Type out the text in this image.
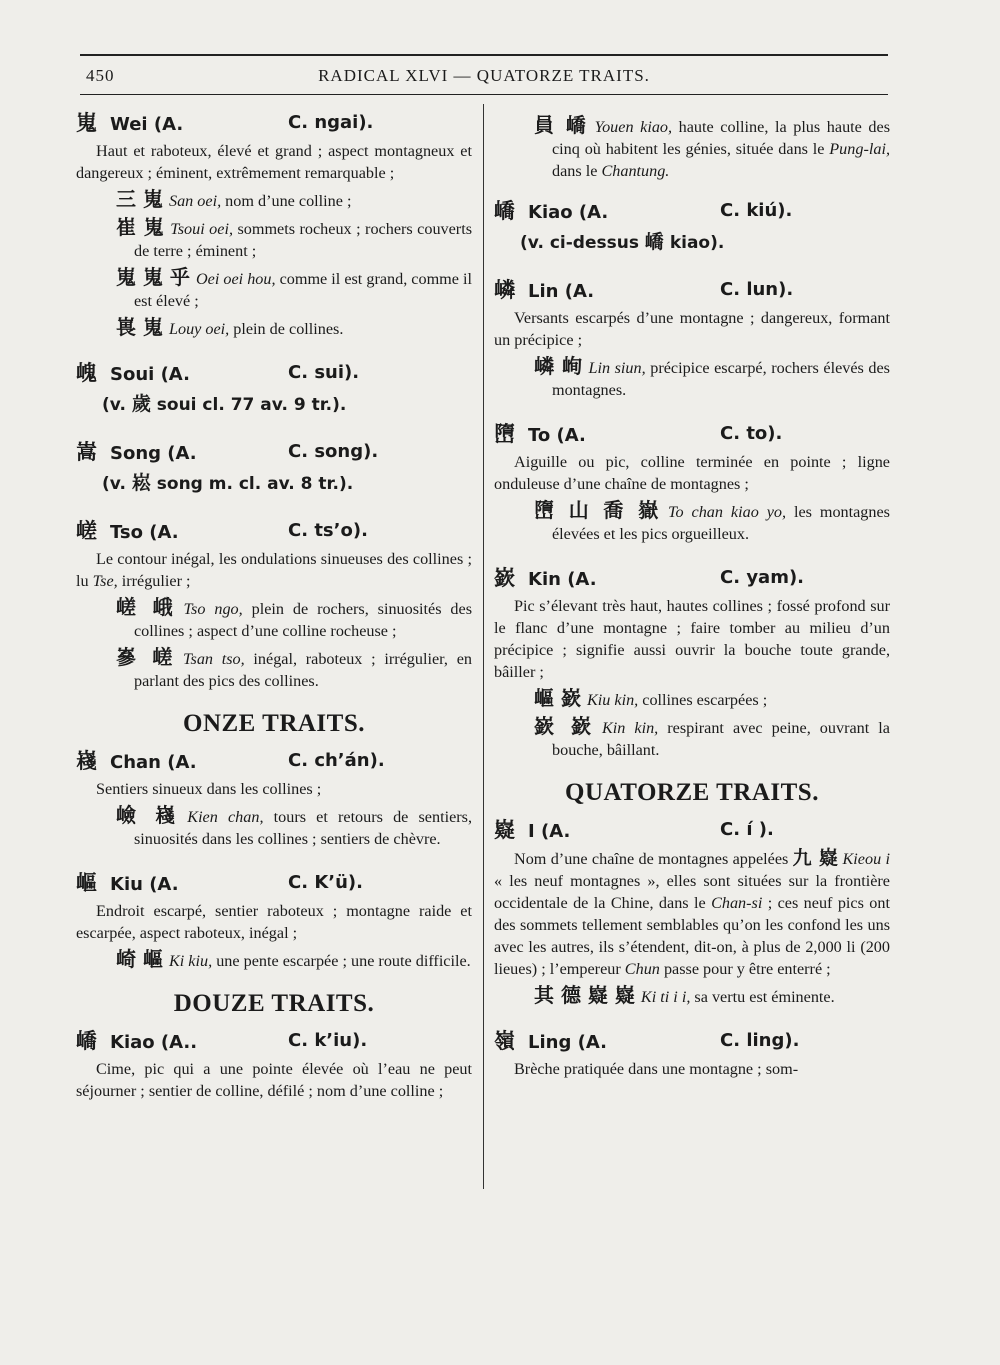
450	RADICAL XLVI — QUATORZE TRAITS.
嵬 Wei (A.	C. ngai).

Haut et raboteux, élevé et grand ; aspect montagneux et dangereux ; éminent, extrêmement remarquable ;

三 嵬 San oei, nom d’une colline ;

崔 嵬 Tsoui oei, sommets rocheux ; rochers couverts de terre ; éminent ;

嵬 嵬 乎 Oei oei hou, comme il est grand, comme il est élevé ;

嵔 嵬 Louy oei, plein de collines.

㟴 Soui (A.	C. sui).
(v. 歲 soui cl. 77 av. 9 tr.).
嵩 Song (A.	C. song).
(v. 崧 song m. cl. av. 8 tr.).
嵯 Tso (A.	C. ts’o).

Le contour inégal, les ondulations sinueuses des collines ; lu Tse, irrégulier ;

嵯 峨 Tso ngo, plein de rochers, sinuosités des collines ; aspect d’une colline rocheuse ;

嵾 嵯 Tsan tso, inégal, raboteux ; irrégulier, en parlant des pics des collines.

ONZE TRAITS.
嶘 Chan (A.	C. ch’án).

Sentiers sinueux dans les collines ;

嶮 嶘 Kien chan, tours et retours de sentiers, sinuosités dans les collines ; sentiers de chèvre.

嶇 Kiu (A.	C. K’ü).

Endroit escarpé, sentier raboteux ; montagne raide et escarpée, aspect raboteux, inégal ;

崎 嶇 Ki kiu, une pente escarpée ; une route difficile.

DOUZE TRAITS.
嶠 Kiao (A..	C. k’iu).

Cime, pic qui a une pointe élevée où l’eau ne peut séjourner ; sentier de colline, défilé ; nom d’une colline ;

員 嶠 Youen kiao, haute colline, la plus haute des cinq où habitent les génies, située dans le Pung-lai, dans le Chantung.

嶠 Kiao (A.	C. kiú).
(v. ci-dessus 嶠 kiao).
嶙 Lin (A.	C. lun).

Versants escarpés d’une montagne ; dangereux, formant un précipice ;

嶙 峋 Lin siun, précipice escarpé, rochers élevés des montagnes.

嶞 To (A.	C. to).

Aiguille ou pic, colline terminée en pointe ; ligne onduleuse d’une chaîne de montagnes ;

嶞 山 喬 嶽 To chan kiao yo, les montagnes élevées et les pics orgueilleux.

嶔 Kin (A.	C. yam).

Pic s’élevant très haut, hautes collines ; fossé profond sur le flanc d’une montagne ; faire tomber au milieu d’un précipice ; signifie aussi ouvrir la bouche toute grande, bâiller ;

嶇 嶔 Kiu kin, collines escarpées ;

嶔 嶔 Kin kin, respirant avec peine, ouvrant la bouche, bâillant.

QUATORZE TRAITS.
嶷 I (A.	C. í ).

Nom d’une chaîne de montagnes appelées 九 嶷 Kieou i « les neuf montagnes », elles sont situées sur la frontière occidentale de la Chine, dans le Chan-si ; ces neuf pics ont des sommets tellement semblables qu’on les confond les uns avec les autres, ils s’étendent, dit-on, à plus de 2,000 li (200 lieues) ; l’empereur Chun passe pour y être enterré ;

其 德 嶷 嶷 Ki ti i i, sa vertu est éminente.

嶺 Ling (A.	C. ling).

Brèche pratiquée dans une montagne ; som-
